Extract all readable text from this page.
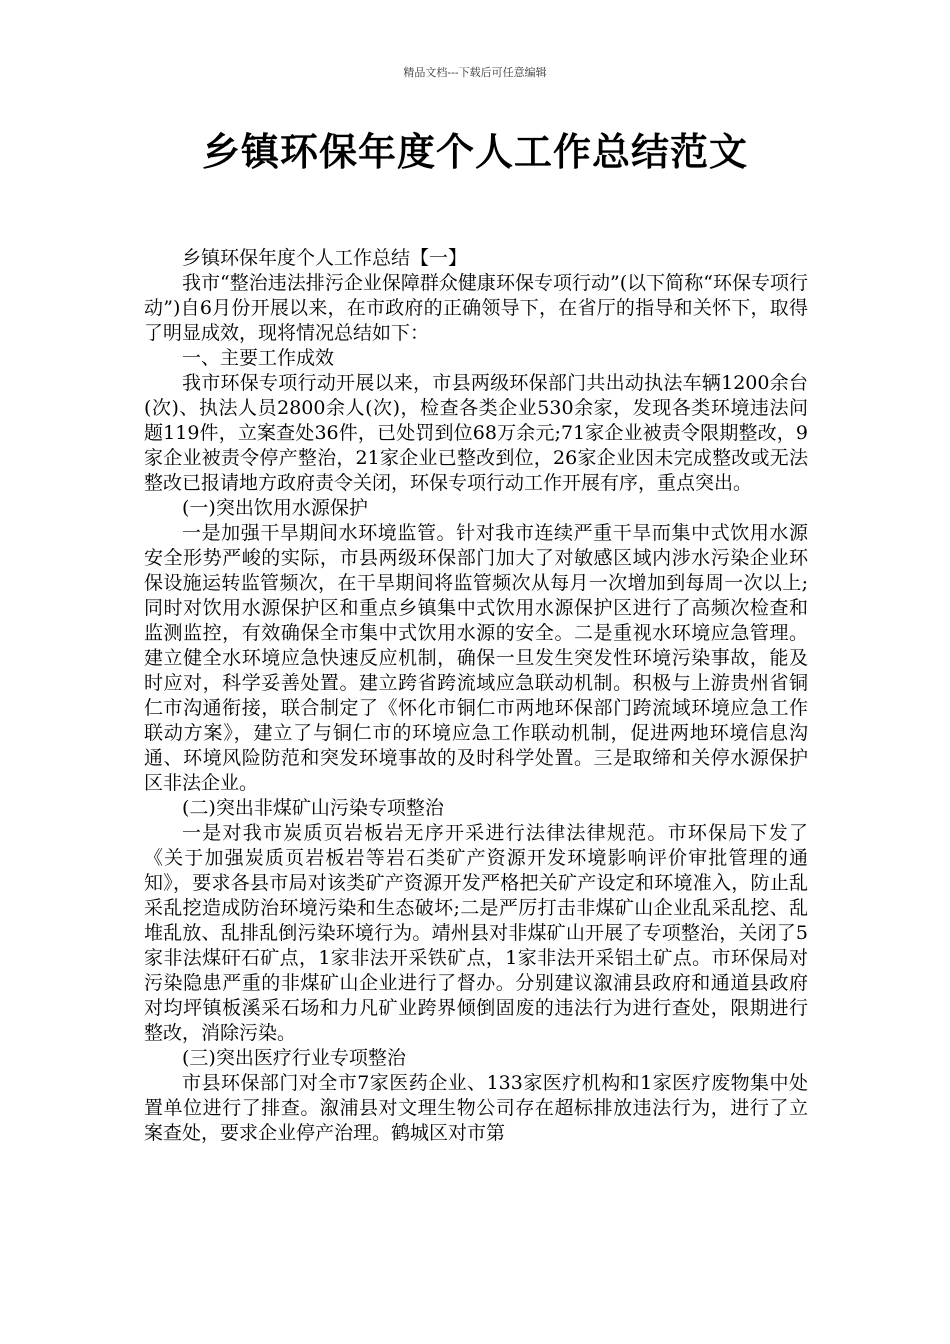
精品文档---下载后可任意编辑
乡镇环保年度个人工作总结范文

乡镇环保年度个人工作总结【一】

我市“整治违法排污企业保障群众健康环保专项行动”(以下简称“环保专项行动”)自6月份开展以来，在市政府的正确领导下，在省厅的指导和关怀下，取得了明显成效，现将情况总结如下：

一、主要工作成效

我市环保专项行动开展以来，市县两级环保部门共出动执法车辆1200余台(次)、执法人员2800余人(次)，检查各类企业530余家，发现各类环境违法问题119件，立案查处36件，已处罚到位68万余元;71家企业被责令限期整改，9家企业被责令停产整治，21家企业已整改到位，26家企业因未完成整改或无法整改已报请地方政府责令关闭，环保专项行动工作开展有序，重点突出。

(一)突出饮用水源保护

一是加强干旱期间水环境监管。针对我市连续严重干旱而集中式饮用水源安全形势严峻的实际，市县两级环保部门加大了对敏感区域内涉水污染企业环保设施运转监管频次，在干旱期间将监管频次从每月一次增加到每周一次以上;同时对饮用水源保护区和重点乡镇集中式饮用水源保护区进行了高频次检查和监测监控，有效确保全市集中式饮用水源的安全。二是重视水环境应急管理。建立健全水环境应急快速反应机制，确保一旦发生突发性环境污染事故，能及时应对，科学妥善处置。建立跨省跨流域应急联动机制。积极与上游贵州省铜仁市沟通衔接，联合制定了《怀化市铜仁市两地环保部门跨流域环境应急工作联动方案》，建立了与铜仁市的环境应急工作联动机制，促进两地环境信息沟通、环境风险防范和突发环境事故的及时科学处置。三是取缔和关停水源保护区非法企业。

(二)突出非煤矿山污染专项整治

一是对我市炭质页岩板岩无序开采进行法律法律规范。市环保局下发了《关于加强炭质页岩板岩等岩石类矿产资源开发环境影响评价审批管理的通知》，要求各县市局对该类矿产资源开发严格把关矿产设定和环境准入，防止乱采乱挖造成防治环境污染和生态破坏;二是严厉打击非煤矿山企业乱采乱挖、乱堆乱放、乱排乱倒污染环境行为。靖州县对非煤矿山开展了专项整治，关闭了5家非法煤矸石矿点，1家非法开采铁矿点，1家非法开采铝土矿点。市环保局对污染隐患严重的非煤矿山企业进行了督办。分别建议溆浦县政府和通道县政府对均坪镇板溪采石场和力凡矿业跨界倾倒固废的违法行为进行查处，限期进行整改，消除污染。

(三)突出医疗行业专项整治

市县环保部门对全市7家医药企业、133家医疗机构和1家医疗废物集中处置单位进行了排查。溆浦县对文理生物公司存在超标排放违法行为，进行了立案查处，要求企业停产治理。鹤城区对市第
